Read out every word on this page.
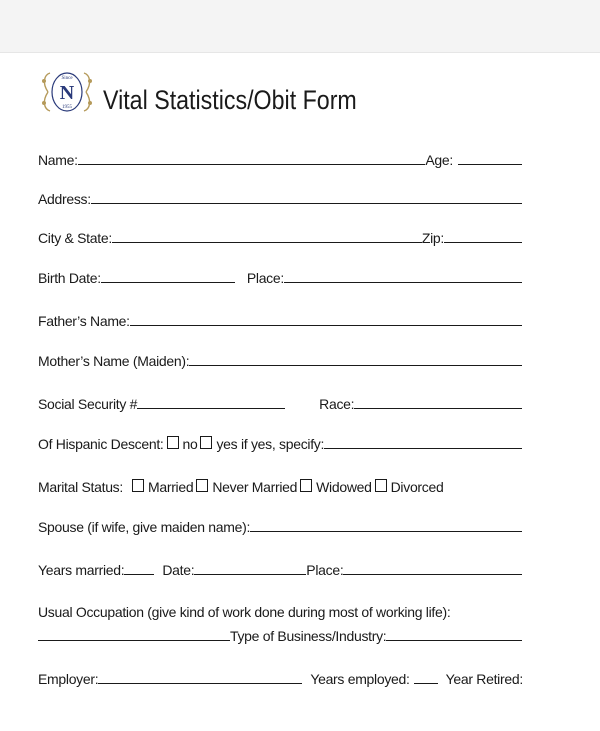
Since
N
1955 Vital Statistics/Obit Form
Name:	Age:
Address:
City & State:	Zip:
Birth Date:	Place:
Father’s Name:
Mother’s Name (Maiden):
Social Security #	Race:
Of Hispanic Descent: no yes if yes, specify:
Marital Status: Married Never Married Widowed Divorced
Spouse (if wife, give maiden name):
Years married:	Date:	Place:
Usual Occupation (give kind of work done during most of working life):
Type of Business/Industry:
Employer:	Years employed:	Year Retired:
